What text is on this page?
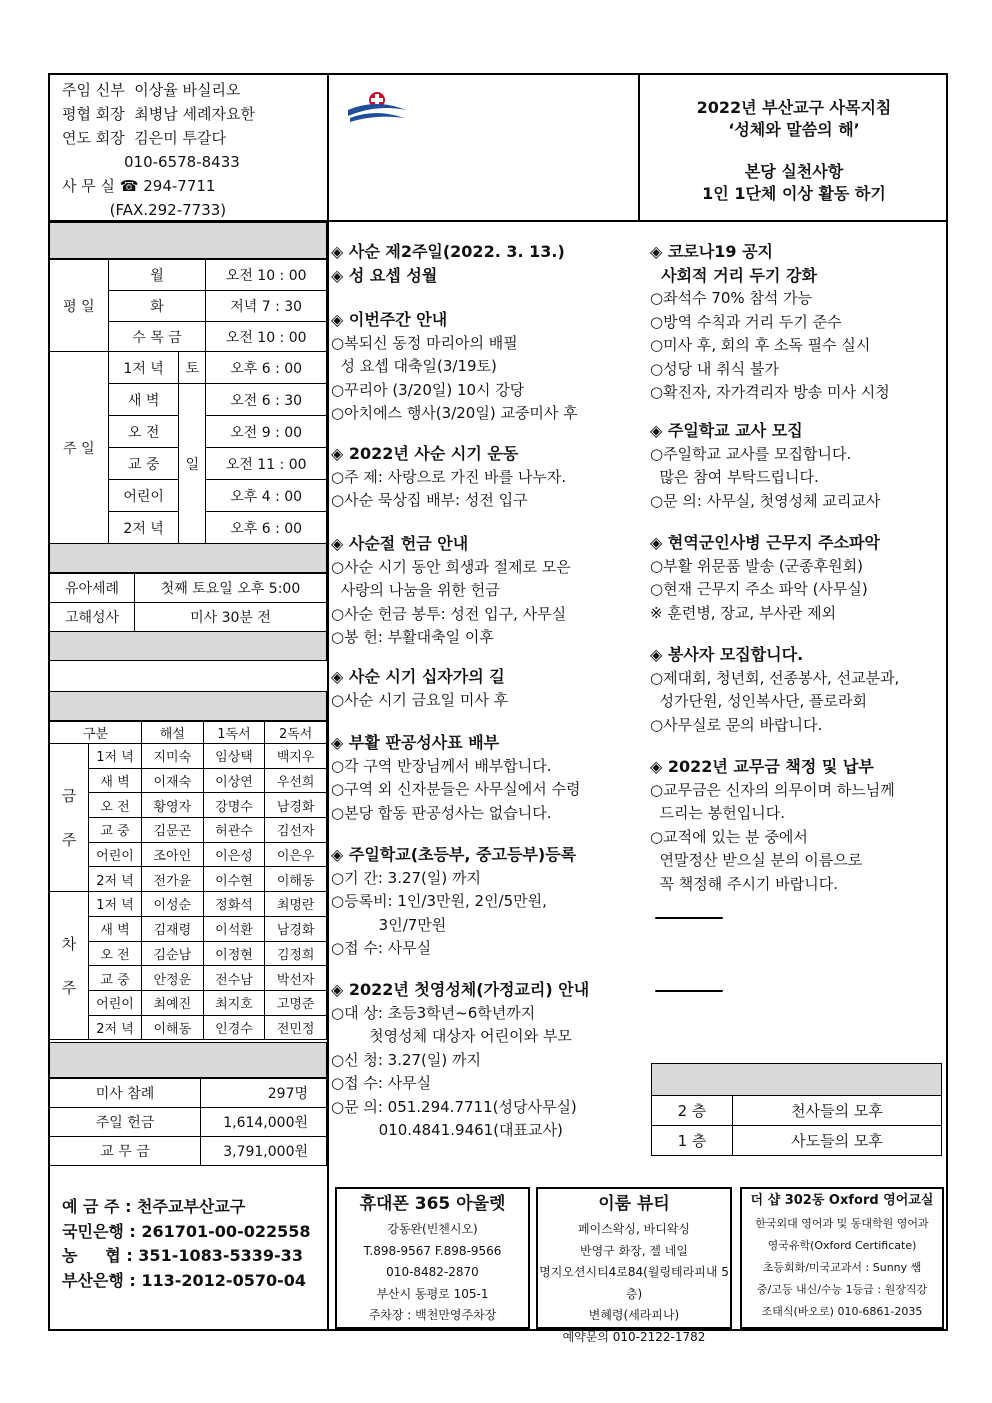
주임 신부  이상율 바실리오
평협 회장  최병남 세례자요한
연도 회장  김은미 투갈다
010-6578-8433
사 무 실 ☎ 294-7711
(FAX.292-7733)
2022년 부산교구 사목지침
‘성체와 말씀의 해’
본당 실천사항
1인 1단체 이상 활동 하기
평 일	월		오전 10 : 00
	화		저녁 7 : 30
	수 목 금		오전 10 : 00
주 일	1저 녁	토	오후 6 : 00
	새 벽	일	오전 6 : 30
	오 전		오전 9 : 00
	교 중		오전 11 : 00
	어린이		오후 4 : 00
	2저 녁		오후 6 : 00
유아세례	첫째 토요일 오후 5:00
고해성사	미사 30분 전
구분		해설	1독서	2독서
금
주	1저 녁	지미숙	임상택	백지우
	새 벽	이재숙	이상연	우선희
	오 전	황영자	강명수	남경화
	교 중	김문곤	허관수	김선자
	어린이	조아인	이은성	이은우
	2저 녁	전가윤	이수현	이해동
차
주	1저 녁	이성순	정화석	최명란
	새 벽	김재령	이석환	남경화
	오 전	김순남	이정현	김정희
	교 중	안정운	전수남	박선자
	어린이	최예진	최지호	고명준
	2저 녁	이해동	인경수	전민정
미사 참례	297명
주일 헌금	1,614,000원
교 무 금	3,791,000원
예 금 주 : 천주교부산교구
국민은행 : 261701-00-022558
농     협 : 351-1083-5339-33
부산은행 : 113-2012-0570-04
◈ 사순 제2주일(2022. 3. 13.)
◈ 성 요셉 성월
◈ 이번주간 안내
○복되신 동정 마리아의 배필
성 요셉 대축일(3/19토)
○꾸리아 (3/20일) 10시 강당
○아치에스 행사(3/20일) 교중미사 후
◈ 2022년 사순 시기 운동
○주 제: 사랑으로 가진 바를 나누자.
○사순 묵상집 배부: 성전 입구
◈ 사순절 헌금 안내
○사순 시기 동안 희생과 절제로 모은
사랑의 나눔을 위한 헌금
○사순 헌금 봉투: 성전 입구, 사무실
○봉 헌: 부활대축일 이후
◈ 사순 시기 십자가의 길
○사순 시기 금요일 미사 후
◈ 부활 판공성사표 배부
○각 구역 반장님께서 배부합니다.
○구역 외 신자분들은 사무실에서 수령
○본당 합동 판공성사는 없습니다.
◈ 주일학교(초등부, 중고등부)등록
○기 간: 3.27(일) 까지
○등록비: 1인/3만원, 2인/5만원,
3인/7만원
○접 수: 사무실
◈ 2022년 첫영성체(가정교리) 안내
○대 상: 초등3학년~6학년까지
첫영성체 대상자 어린이와 부모
○신 청: 3.27(일) 까지
○접 수: 사무실
○문 의: 051.294.7711(성당사무실)
010.4841.9461(대표교사)
◈ 코로나19 공지
사회적 거리 두기 강화
○좌석수 70% 참석 가능
○방역 수칙과 거리 두기 준수
○미사 후, 회의 후 소독 필수 실시
○성당 내 취식 불가
○확진자, 자가격리자 방송 미사 시청
◈ 주일학교 교사 모집
○주일학교 교사를 모집합니다.
많은 참여 부탁드립니다.
○문 의: 사무실, 첫영성체 교리교사
◈ 현역군인사병 근무지 주소파악
○부활 위문품 발송 (군종후원회)
○현재 근무지 주소 파악 (사무실)
※ 훈련병, 장교, 부사관 제외
◈ 봉사자 모집합니다.
○제대회, 청년회, 선종봉사, 선교분과,
성가단원, 성인복사단, 플로라회
○사무실로 문의 바랍니다.
◈ 2022년 교무금 책정 및 납부
○교무금은 신자의 의무이며 하느님께
드리는 봉헌입니다.
○교적에 있는 분 중에서
연말정산 받으실 분의 이름으로
꼭 책정해 주시기 바랍니다.
2 층	천사들의 모후
1 층	사도들의 모후
휴대폰 365 아울렛
강동완(빈첸시오)
T.898-9567 F.898-9566
010-8482-2870
부산시 동평로 105-1
주차장 : 백천만영주차장
이룸 뷰티
페이스왁싱, 바디왁싱
반영구 화장, 젤 네일
명지오션시티4로84(월링테라피내 5층)
변혜령(세라피나)
예약문의 010-2122-1782
더 샵 302동 Oxford 영어교실
한국외대 영어과 및 동대학원 영어과
영국유학(Oxford Certificate)
초등회화/미국교과서 : Sunny 쌤
중/고등 내신/수능 1등급 : 원장직강
조태식(바오로) 010-6861-2035
